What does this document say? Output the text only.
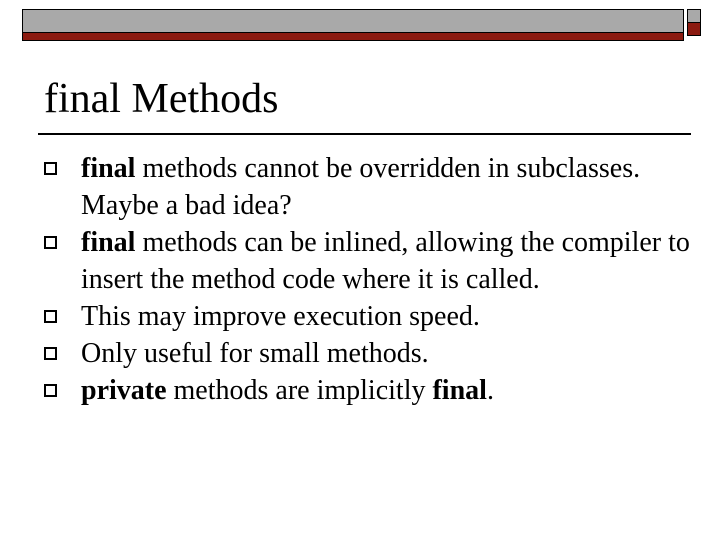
final Methods
final methods cannot be overridden in subclasses. Maybe a bad idea?
final methods can be inlined, allowing the compiler to insert the method code where it is called.
This may improve execution speed.
Only useful for small methods.
private methods are implicitly final.
